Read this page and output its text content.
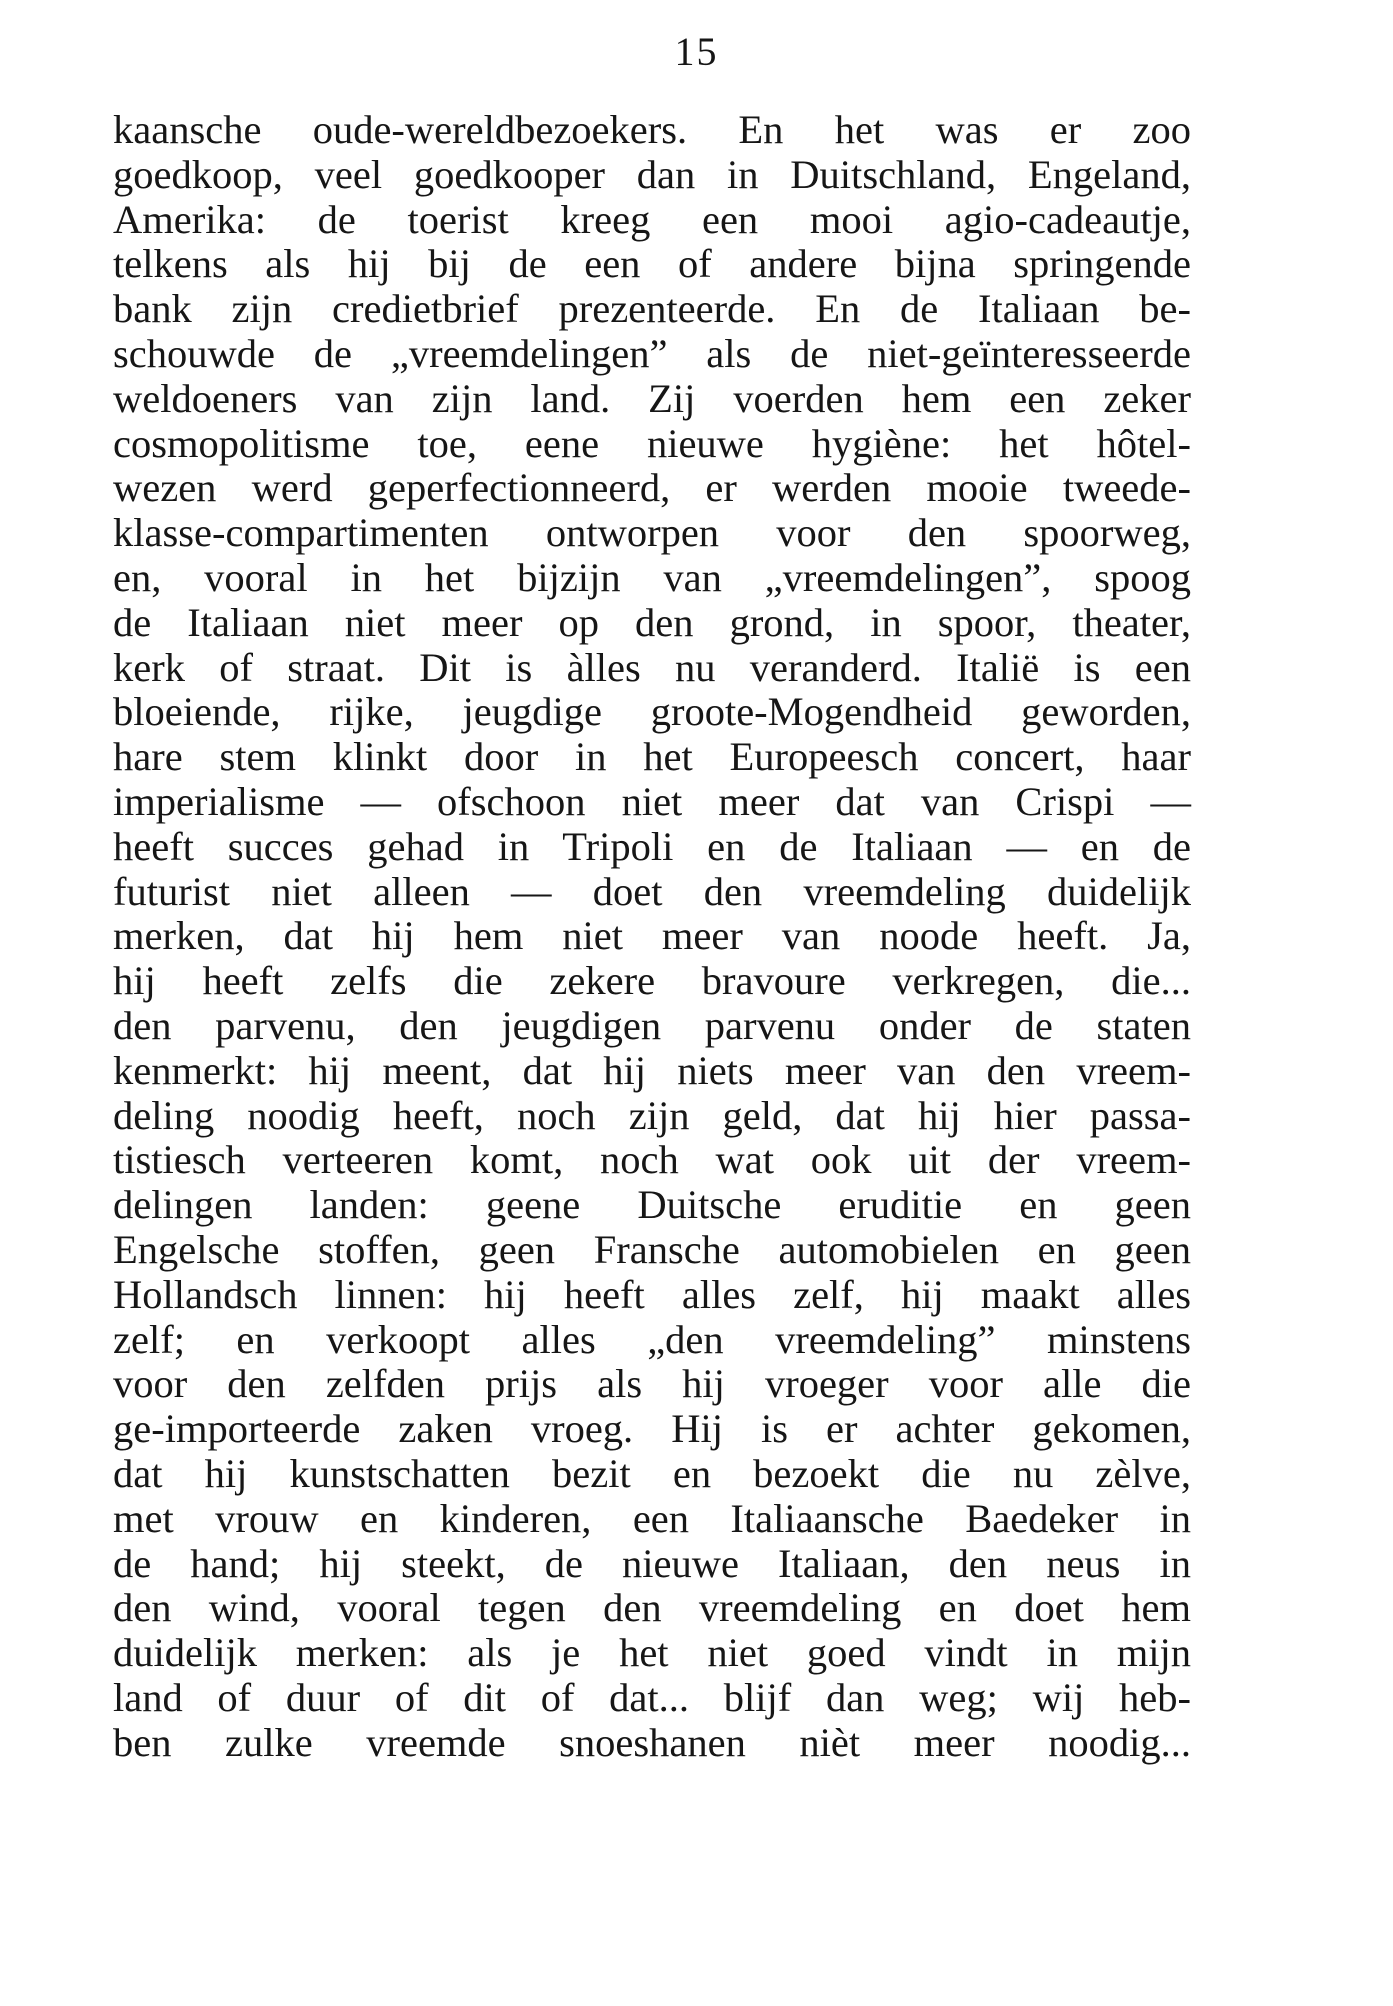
15
kaansche oude-wereldbezoekers. En het was er zoo
goedkoop, veel goedkooper dan in Duitschland, Engeland,
Amerika: de toerist kreeg een mooi agio-cadeautje,
telkens als hij bij de een of andere bijna springende
bank zijn credietbrief prezenteerde. En de Italiaan be-
schouwde de „vreemdelingen” als de niet-geïnteresseerde
weldoeners van zijn land. Zij voerden hem een zeker
cosmopolitisme toe, eene nieuwe hygiène: het hôtel-
wezen werd geperfectionneerd, er werden mooie tweede-
klasse-compartimenten ontworpen voor den spoorweg,
en, vooral in het bijzijn van „vreemdelingen”, spoog
de Italiaan niet meer op den grond, in spoor, theater,
kerk of straat. Dit is àlles nu veranderd. Italië is een
bloeiende, rijke, jeugdige groote-Mogendheid geworden,
hare stem klinkt door in het Europeesch concert, haar
imperialisme — ofschoon niet meer dat van Crispi —
heeft succes gehad in Tripoli en de Italiaan — en de
futurist niet alleen — doet den vreemdeling duidelijk
merken, dat hij hem niet meer van noode heeft. Ja,
hij heeft zelfs die zekere bravoure verkregen, die...
den parvenu, den jeugdigen parvenu onder de staten
kenmerkt: hij meent, dat hij niets meer van den vreem-
deling noodig heeft, noch zijn geld, dat hij hier passa-
tistiesch verteeren komt, noch wat ook uit der vreem-
delingen landen: geene Duitsche eruditie en geen
Engelsche stoffen, geen Fransche automobielen en geen
Hollandsch linnen: hij heeft alles zelf, hij maakt alles
zelf; en verkoopt alles „den vreemdeling” minstens
voor den zelfden prijs als hij vroeger voor alle die
ge-importeerde zaken vroeg. Hij is er achter gekomen,
dat hij kunstschatten bezit en bezoekt die nu zèlve,
met vrouw en kinderen, een Italiaansche Baedeker in
de hand; hij steekt, de nieuwe Italiaan, den neus in
den wind, vooral tegen den vreemdeling en doet hem
duidelijk merken: als je het niet goed vindt in mijn
land of duur of dit of dat... blijf dan weg; wij heb-
ben zulke vreemde snoeshanen nièt meer noodig...
